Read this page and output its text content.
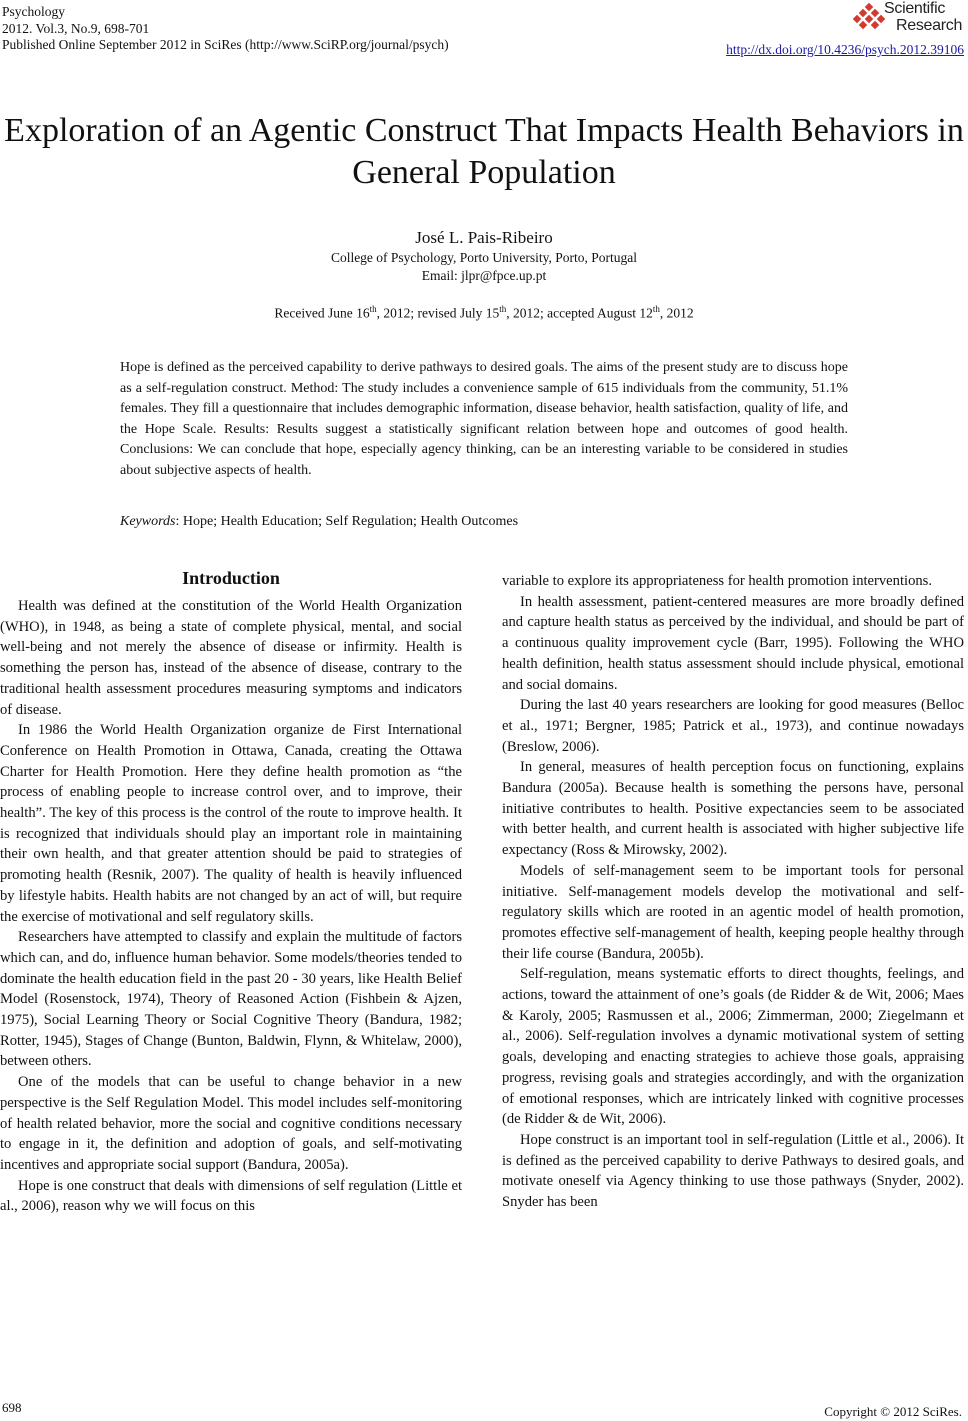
Psychology
2012. Vol.3, No.9, 698-701
Published Online September 2012 in SciRes (http://www.SciRP.org/journal/psych)
Scientific
Research
http://dx.doi.org/10.4236/psych.2012.39106
Exploration of an Agentic Construct That Impacts Health Behaviors in General Population
José L. Pais-Ribeiro
College of Psychology, Porto University, Porto, Portugal
Email: jlpr@fpce.up.pt
Received June 16th, 2012; revised July 15th, 2012; accepted August 12th, 2012
Hope is defined as the perceived capability to derive pathways to desired goals. The aims of the present study are to discuss hope as a self-regulation construct. Method: The study includes a convenience sample of 615 individuals from the community, 51.1% females. They fill a questionnaire that includes demographic information, disease behavior, health satisfaction, quality of life, and the Hope Scale. Results: Results suggest a statistically significant relation between hope and outcomes of good health. Conclusions: We can conclude that hope, especially agency thinking, can be an interesting variable to be considered in studies about subjective aspects of health.
Keywords: Hope; Health Education; Self Regulation; Health Outcomes
Introduction

Health was defined at the constitution of the World Health Organization (WHO), in 1948, as being a state of complete physical, mental, and social well-being and not merely the absence of disease or infirmity. Health is something the person has, instead of the absence of disease, contrary to the traditional health assessment procedures measuring symptoms and indicators of disease.

In 1986 the World Health Organization organize de First International Conference on Health Promotion in Ottawa, Canada, creating the Ottawa Charter for Health Promotion. Here they define health promotion as “the process of enabling people to increase control over, and to improve, their health”. The key of this process is the control of the route to improve health. It is recognized that individuals should play an important role in maintaining their own health, and that greater attention should be paid to strategies of promoting health (Resnik, 2007). The quality of health is heavily influenced by lifestyle habits. Health habits are not changed by an act of will, but require the exercise of motivational and self regulatory skills.

Researchers have attempted to classify and explain the multitude of factors which can, and do, influence human behavior. Some models/theories tended to dominate the health education field in the past 20 - 30 years, like Health Belief Model (Rosenstock, 1974), Theory of Reasoned Action (Fishbein & Ajzen, 1975), Social Learning Theory or Social Cognitive Theory (Bandura, 1982; Rotter, 1945), Stages of Change (Bunton, Baldwin, Flynn, & Whitelaw, 2000), between others.

One of the models that can be useful to change behavior in a new perspective is the Self Regulation Model. This model includes self-monitoring of health related behavior, more the social and cognitive conditions necessary to engage in it, the definition and adoption of goals, and self-motivating incentives and appropriate social support (Bandura, 2005a).

Hope is one construct that deals with dimensions of self regulation (Little et al., 2006), reason why we will focus on this

variable to explore its appropriateness for health promotion interventions.

In health assessment, patient-centered measures are more broadly defined and capture health status as perceived by the individual, and should be part of a continuous quality improvement cycle (Barr, 1995). Following the WHO health definition, health status assessment should include physical, emotional and social domains.

During the last 40 years researchers are looking for good measures (Belloc et al., 1971; Bergner, 1985; Patrick et al., 1973), and continue nowadays (Breslow, 2006).

In general, measures of health perception focus on functioning, explains Bandura (2005a). Because health is something the persons have, personal initiative contributes to health. Positive expectancies seem to be associated with better health, and current health is associated with higher subjective life expectancy (Ross & Mirowsky, 2002).

Models of self-management seem to be important tools for personal initiative. Self-management models develop the motivational and self-regulatory skills which are rooted in an agentic model of health promotion, promotes effective self-management of health, keeping people healthy through their life course (Bandura, 2005b).

Self-regulation, means systematic efforts to direct thoughts, feelings, and actions, toward the attainment of one’s goals (de Ridder & de Wit, 2006; Maes & Karoly, 2005; Rasmussen et al., 2006; Zimmerman, 2000; Ziegelmann et al., 2006). Self-regulation involves a dynamic motivational system of setting goals, developing and enacting strategies to achieve those goals, appraising progress, revising goals and strategies accordingly, and with the organization of emotional responses, which are intricately linked with cognitive processes (de Ridder & de Wit, 2006).

Hope construct is an important tool in self-regulation (Little et al., 2006). It is defined as the perceived capability to derive Pathways to desired goals, and motivate oneself via Agency thinking to use those pathways (Snyder, 2002). Snyder has been

698	Copyright © 2012 SciRes.
